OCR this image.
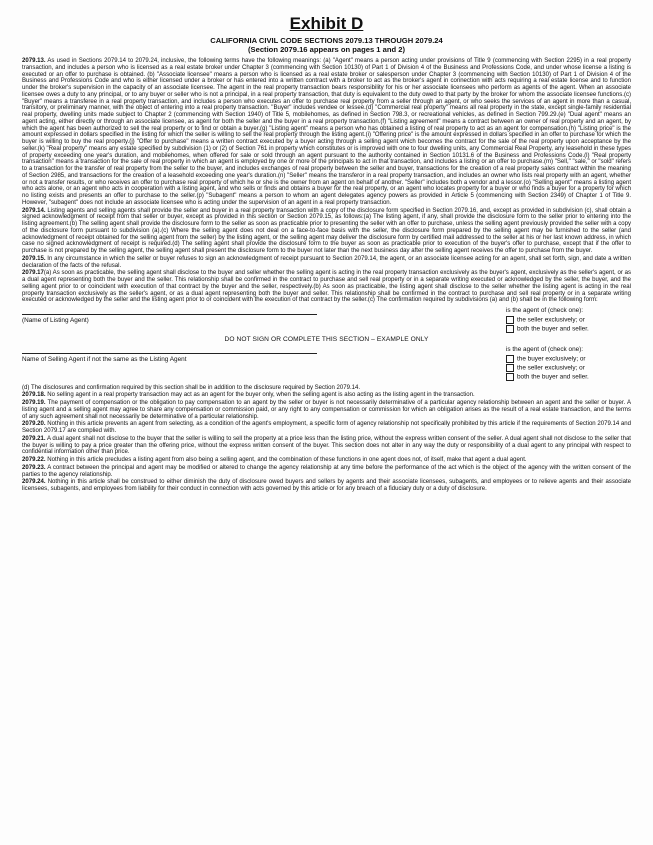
Exhibit D
CALIFORNIA CIVIL CODE SECTIONS 2079.13 THROUGH 2079.24
(Section 2079.16 appears on pages 1 and 2)

2079.13. As used in Sections 2079.14 to 2079.24, inclusive, the following terms have the following meanings: (a) "Agent" means a person acting under provisions of Title 9 (commencing with Section 2295) in a real property transaction, and includes a person who is licensed as a real estate broker under Chapter 3 (commencing with Section 10130) of Part 1 of Division 4 of the Business and Professions Code, and under whose license a listing is executed or an offer to purchase is obtained. (b) "Associate licensee" means a person who is licensed as a real estate broker or salesperson under Chapter 3 (commencing with Section 10130) of Part 1 of Division 4 of the Business and Professions Code and who is either licensed under a broker or has entered into a written contract with a broker to act as the broker's agent in connection with acts requiring a real estate license and to function under the broker's supervision in the capacity of an associate licensee. The agent in the real property transaction bears responsibility for his or her associate licensees who perform as agents of the agent. When an associate licensee owes a duty to any principal, or to any buyer or seller who is not a principal, in a real property transaction, that duty is equivalent to the duty owed to that party by the broker for whom the associate licensee functions.(c) "Buyer" means a transferee in a real property transaction, and includes a person who executes an offer to purchase real property from a seller through an agent, or who seeks the services of an agent in more than a casual, transitory, or preliminary manner, with the object of entering into a real property transaction. "Buyer" includes vendee or lessee.(d) "Commercial real property" means all real property in the state, except single-family residential real property, dwelling units made subject to Chapter 2 (commencing with Section 1940) of Title 5, mobilehomes, as defined in Section 798.3, or recreational vehicles, as defined in Section 799.29.(e) "Dual agent" means an agent acting, either directly or through an associate licensee, as agent for both the seller and the buyer in a real property transaction.(f) "Listing agreement" means a contract between an owner of real property and an agent, by which the agent has been authorized to sell the real property or to find or obtain a buyer.(g) "Listing agent" means a person who has obtained a listing of real property to act as an agent for compensation.(h) "Listing price" is the amount expressed in dollars specified in the listing for which the seller is willing to sell the real property through the listing agent.(i) "Offering price" is the amount expressed in dollars specified in an offer to purchase for which the buyer is willing to buy the real property.(j) "Offer to purchase" means a written contract executed by a buyer acting through a selling agent which becomes the contract for the sale of the real property upon acceptance by the seller.(k) "Real property" means any estate specified by subdivision (1) or (2) of Section 761 in property which constitutes or is improved with one to four dwelling units, any Commercial Real Property, any leasehold in these types of property exceeding one year's duration, and mobilehomes, when offered for sale or sold through an agent pursuant to the authority contained in Section 10131.6 of the Business and Professions Code.(l) "Real property transaction" means a transaction for the sale of real property in which an agent is employed by one or more of the principals to act in that transaction, and includes a listing or an offer to purchase.(m) "Sell," "sale," or "sold" refers to a transaction for the transfer of real property from the seller to the buyer, and includes exchanges of real property between the seller and buyer, transactions for the creation of a real property sales contract within the meaning of Section 2985, and transactions for the creation of a leasehold exceeding one year's duration.(n) "Seller" means the transferor in a real property transaction, and includes an owner who lists real property with an agent, whether or not a transfer results, or who receives an offer to purchase real property of which he or she is the owner from an agent on behalf of another. "Seller" includes both a vendor and a lessor.(o) "Selling agent" means a listing agent who acts alone, or an agent who acts in cooperation with a listing agent, and who sells or finds and obtains a buyer for the real property, or an agent who locates property for a buyer or who finds a buyer for a property for which no listing exists and presents an offer to purchase to the seller.(p) "Subagent" means a person to whom an agent delegates agency powers as provided in Article 5 (commencing with Section 2349) of Chapter 1 of Title 9. However, "subagent" does not include an associate licensee who is acting under the supervision of an agent in a real property transaction.

2079.14. Listing agents and selling agents shall provide the seller and buyer in a real property transaction with a copy of the disclosure form specified in Section 2079.16, and, except as provided in subdivision (c), shall obtain a signed acknowledgment of receipt from that seller or buyer, except as provided in this section or Section 2079.15, as follows:(a) The listing agent, if any, shall provide the disclosure form to the seller prior to entering into the listing agreement.(b) The selling agent shall provide the disclosure form to the seller as soon as practicable prior to presenting the seller with an offer to purchase, unless the selling agent previously provided the seller with a copy of the disclosure form pursuant to subdivision (a).(c) Where the selling agent does not deal on a face-to-face basis with the seller, the disclosure form prepared by the selling agent may be furnished to the seller (and acknowledgment of receipt obtained for the selling agent from the seller) by the listing agent, or the selling agent may deliver the disclosure form by certified mail addressed to the seller at his or her last known address, in which case no signed acknowledgment of receipt is required.(d) The selling agent shall provide the disclosure form to the buyer as soon as practicable prior to execution of the buyer's offer to purchase, except that if the offer to purchase is not prepared by the selling agent, the selling agent shall present the disclosure form to the buyer not later than the next business day after the selling agent receives the offer to purchase from the buyer.

2079.15. In any circumstance in which the seller or buyer refuses to sign an acknowledgment of receipt pursuant to Section 2079.14, the agent, or an associate licensee acting for an agent, shall set forth, sign, and date a written declaration of the facts of the refusal.

2079.17(a) As soon as practicable, the selling agent shall disclose to the buyer and seller whether the selling agent is acting in the real property transaction exclusively as the buyer's agent, exclusively as the seller's agent, or as a dual agent representing both the buyer and the seller. This relationship shall be confirmed in the contract to purchase and sell real property or in a separate writing executed or acknowledged by the seller, the buyer, and the selling agent prior to or coincident with execution of that contract by the buyer and the seller, respectively.(b) As soon as practicable, the listing agent shall disclose to the seller whether the listing agent is acting in the real property transaction exclusively as the seller's agent, or as a dual agent representing both the buyer and seller. This relationship shall be confirmed in the contract to purchase and sell real property or in a separate writing executed or acknowledged by the seller and the listing agent prior to or coincident with the execution of that contract by the seller.(c) The confirmation required by subdivisions (a) and (b) shall be in the following form:

(Name of Listing Agent)
is the agent of (check one):
the seller exclusively; or
both the buyer and seller.
DO NOT SIGN OR COMPLETE THIS SECTION – EXAMPLE ONLY
Name of Selling Agent if not the same as the Listing Agent
is the agent of (check one):
the buyer exclusively; or
the seller exclusively; or
both the buyer and seller.

(d) The disclosures and confirmation required by this section shall be in addition to the disclosure required by Section 2079.14.

2079.18. No selling agent in a real property transaction may act as an agent for the buyer only, when the selling agent is also acting as the listing agent in the transaction.

2079.19. The payment of compensation or the obligation to pay compensation to an agent by the seller or buyer is not necessarily determinative of a particular agency relationship between an agent and the seller or buyer. A listing agent and a selling agent may agree to share any compensation or commission paid, or any right to any compensation or commission for which an obligation arises as the result of a real estate transaction, and the terms of any such agreement shall not necessarily be determinative of a particular relationship.

2079.20. Nothing in this article prevents an agent from selecting, as a condition of the agent's employment, a specific form of agency relationship not specifically prohibited by this article if the requirements of Section 2079.14 and Section 2079.17 are complied with.

2079.21. A dual agent shall not disclose to the buyer that the seller is willing to sell the property at a price less than the listing price, without the express written consent of the seller. A dual agent shall not disclose to the seller that the buyer is willing to pay a price greater than the offering price, without the express written consent of the buyer. This section does not alter in any way the duty or responsibility of a dual agent to any principal with respect to confidential information other than price.

2079.22. Nothing in this article precludes a listing agent from also being a selling agent, and the combination of these functions in one agent does not, of itself, make that agent a dual agent.

2079.23. A contract between the principal and agent may be modified or altered to change the agency relationship at any time before the performance of the act which is the object of the agency with the written consent of the parties to the agency relationship.

2079.24. Nothing in this article shall be construed to either diminish the duty of disclosure owed buyers and sellers by agents and their associate licensees, subagents, and employees or to relieve agents and their associate licensees, subagents, and employees from liability for their conduct in connection with acts governed by this article or for any breach of a fiduciary duty or a duty of disclosure.
